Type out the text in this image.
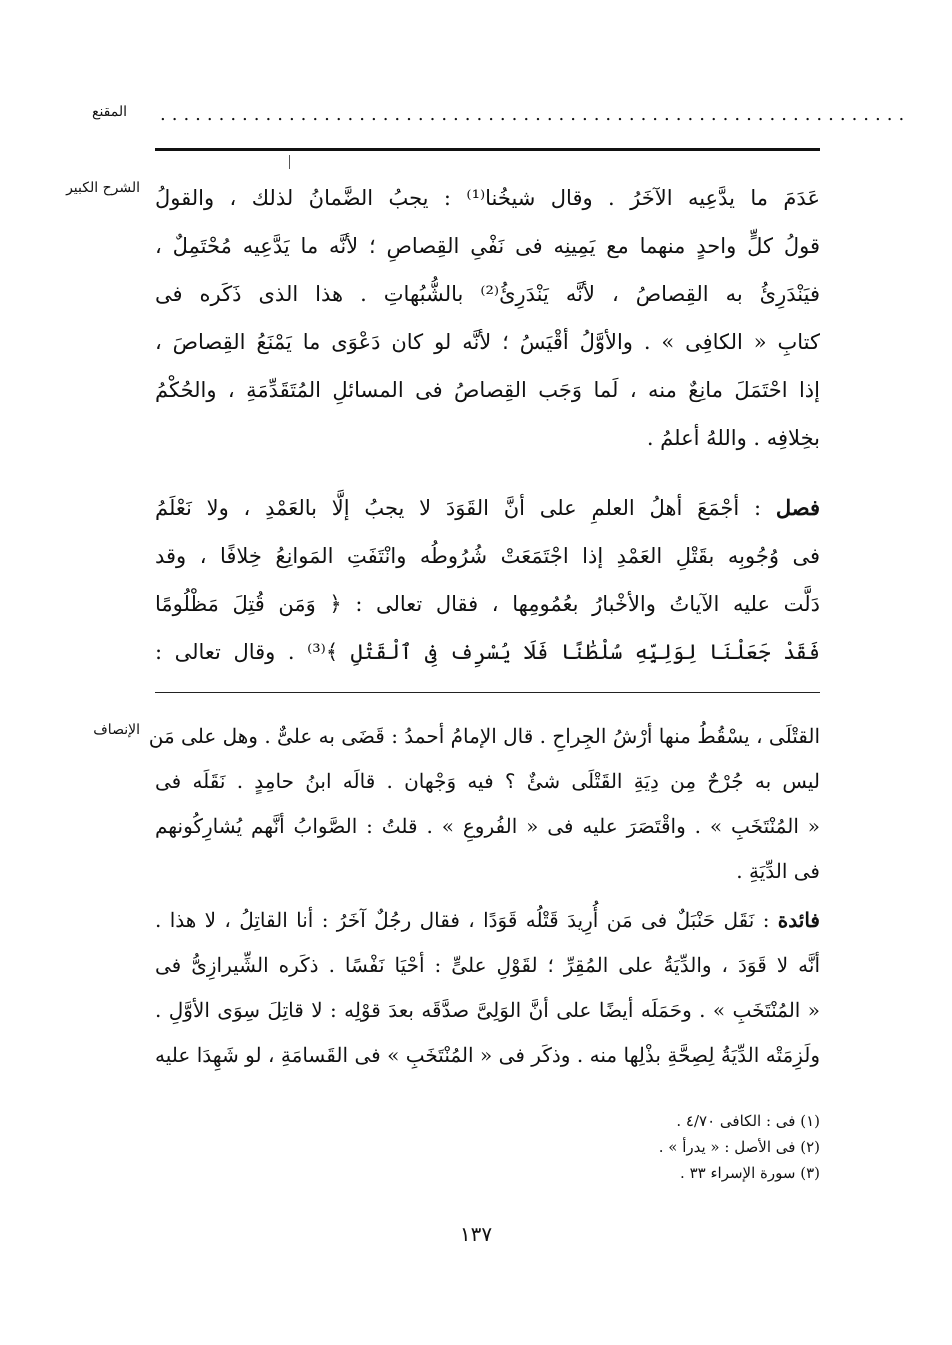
المقنع ................................................................
الشرح الكبير
الإنصاف
عَدَمَ ما يدَّعِيه الآخَرُ . وقال شيخُنا⁽¹⁾ : يجبُ الضَّمانُ لذلك ، والقولُ
قولُ كلٍّ واحدٍ منهما مع يَمِينِه فى نَفْىِ القِصاصِ ؛ لأنَّه ما يَدَّعِيه مُحْتَمِلٌ ،
فيَنْدَرِئُ به القِصاصُ ، لأنَّه يَنْدَرِئُ⁽²⁾ بالشُّبُهاتِ . هذا الذى ذَكَره فى
كتابِ « الكافِى » . والأوَّلُ أقْيَسُ ؛ لأنَّه لو كان دَعْوَى ما يَمْنَعُ القِصاصَ ،
إذا احْتَمَلَ مانِعٌ منه ، لَما وَجَب القِصاصُ فى المسائلِ المُتَقَدِّمَةِ ، والحُكْمُ
بخِلافِه . واللهُ أعلمُ .
فصل : أجْمَعَ أهلُ العلمِ على أنَّ القَوَدَ لا يجبُ إلَّا بالعَمْدِ ، ولا نَعْلَمُ
فى وُجُوبِه بقَتْلِ العَمْدِ إذا اجْتَمَعَتْ شُرُوطُه وانْتَفَتِ المَوانِعُ خِلافًا ، وقد
دَلَّت عليه الآياتُ والأخْبارُ بعُمُومِها ، فقال تعالى : ﴿ وَمَن قُتِلَ مَظْلُومًا
فَقَدْ جَعَلْنَا لِوَلِيِّهِ سُلْطَٰنًا فَلَا يُسْرِف فِى ٱلْقَتْلِ ﴾⁽³⁾ . وقال تعالى :
القتْلَى ، يسْقُطُ منها أرْشُ الجِراحِ . قال الإمامُ أحمدُ : قَضَى به علىٌّ . وهل على مَن
ليس به جُرْحٌ مِن دِيَةِ القَتْلَى شئٌ ؟ فيه وَجْهان . قالَه ابنُ حامِدٍ . نَقَلَه فى
« المُنْتَخَبِ » . واقْتَصَرَ عليه فى « الفُروعِ » . قلتُ : الصَّوابُ أنَّهم يُشارِكُونهم
فى الدِّيَةِ .
فائدة : نَقَل حَنْبَلٌ فى مَن أُرِيدَ قَتْلُه قَوَدًا ، فقال رجُلٌ آخَرُ : أنا القاتِلُ ، لا هذا .
أنَّه لا قَوَدَ ، والدِّيَةُ على المُقِرِّ ؛ لقَوْلِ علىٍّ : أحْيَا نَفْسًا . ذكَره الشِّيرازِىُّ فى
« المُنْتَخَبِ » . وحَمَلَه أيضًا على أنَّ الوَلِىَّ صدَّقَه بعدَ قوْلِه : لا قاتِلَ سِوَى الأوَّلِ .
ولَزِمَتْه الدِّيَةُ لِصِحَّةِ بذْلِها منه . وذكَر فى « المُنْتَخَبِ » فى القَسامَةِ ، لو شَهِدَا عليه
(١) فى : الكافى ٤/٧٠ .
(٢) فى الأصل : « يدرأ » .
(٣) سورة الإسراء ٣٣ .
١٣٧
